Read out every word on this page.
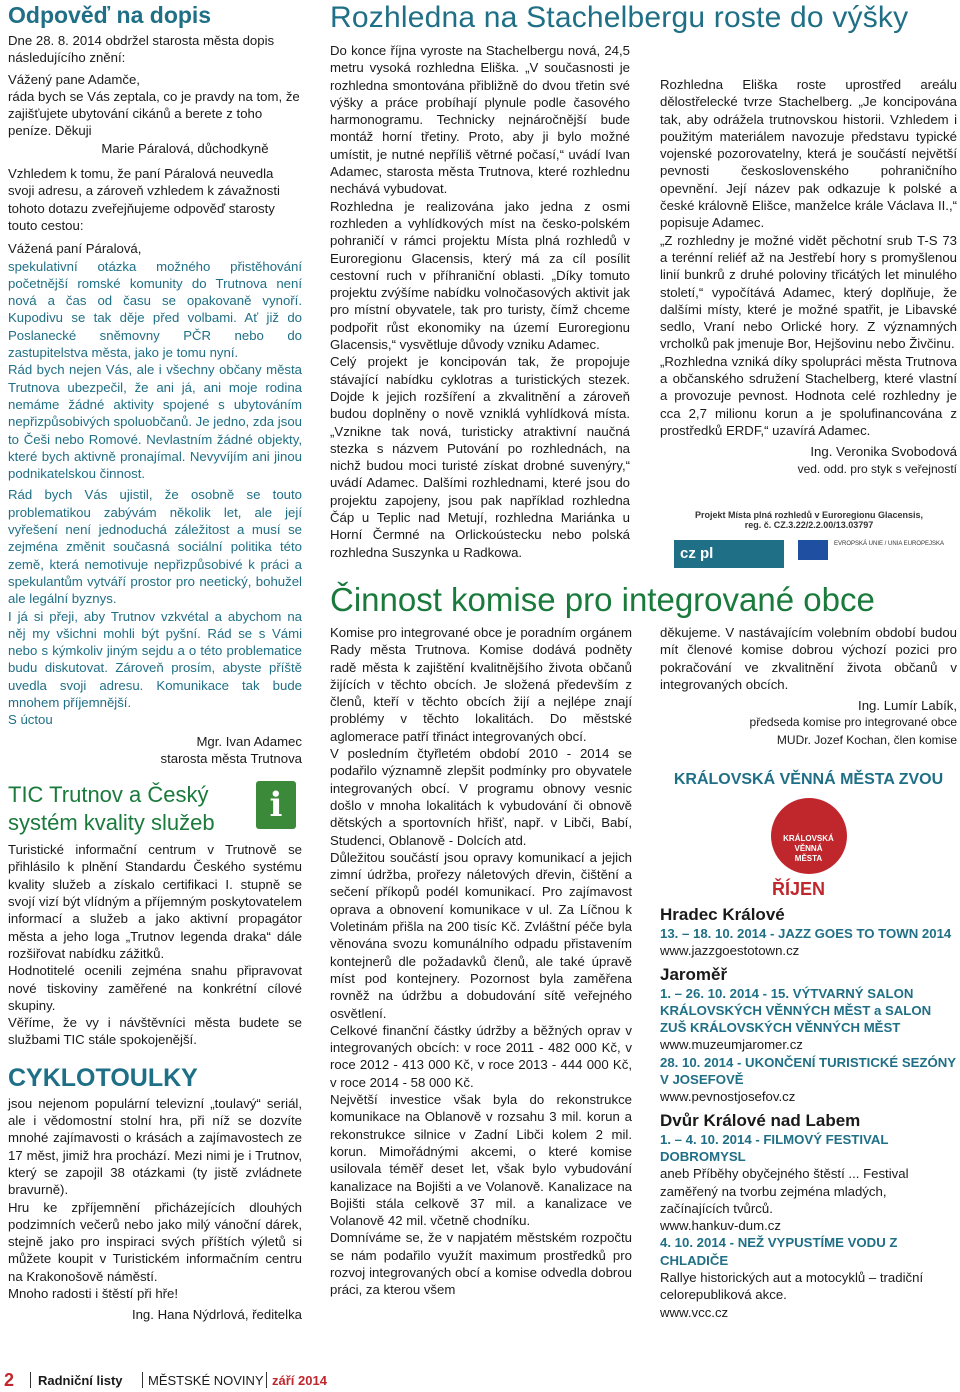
Odpověď na dopis

Dne 28. 8. 2014 obdržel starosta města dopis následujícího znění:

Vážený pane Adamče,

ráda bych se Vás zeptala, co je pravdy na tom, že zajišťujete ubytování cikánů a berete z toho peníze. Děkuji

Marie Páralová, důchodkyně

Vzhledem k tomu, že paní Páralová neuvedla svoji adresu, a zároveň vzhledem k závažnosti tohoto dotazu zveřejňujeme odpověď starosty touto cestou:

Vážená paní Páralová,

spekulativní otázka možného přistěhování početnější romské komunity do Trutnova není nová a čas od času se opakovaně vynoří. Kupodivu se tak děje před volbami. Ať již do Poslanecké sněmovny PČR nebo do zastupitelstva města, jako je tomu nyní.

Rád bych nejen Vás, ale i všechny občany města Trutnova ubezpečil, že ani já, ani moje rodina nemáme žádné aktivity spojené s ubytováním nepřizpůsobivých spoluobčanů. Je jedno, zda jsou to Češi nebo Romové. Nevlastním žádné objekty, které bych aktivně pronajímal. Nevyvíjím ani jinou podnikatelskou činnost.

Rád bych Vás ujistil, že osobně se touto problematikou zabývám několik let, ale její vyřešení není jednoduchá záležitost a musí se zejména změnit současná sociální politika této země, která nemotivuje nepřizpůsobivé k práci a spekulantům vytváří prostor pro neetický, bohužel ale legální byznys.

I já si přeji, aby Trutnov vzkvétal a abychom na něj my všichni mohli být pyšní. Rád se s Vámi nebo s kýmkoliv jiným sejdu a o této problematice budu diskutovat. Zároveň prosím, abyste příště uvedla svoji adresu. Komunikace tak bude mnohem příjemnější.

S úctou

Mgr. Ivan Adamec

starosta města Trutnova

TIC Trutnov a Český systém kvality služeb	i

Turistické informační centrum v Trutnově se přihlásilo k plnění Standardu Českého systému kvality služeb a získalo certifikaci I. stupně se svojí vizí být vlídným a příjemným poskytovatelem informací a služeb a jako aktivní propagátor města a jeho loga „Trutnov legenda draka“ dále rozšiřovat nabídku zážitků.

Hodnotitelé ocenili zejména snahu připravovat nové tiskoviny zaměřené na konkrétní cílové skupiny.

Věříme, že vy i návštěvníci města budete se službami TIC stále spokojenější.

CYKLOTOULKY

jsou nejenom populární televizní „toulavý“ seriál, ale i vědomostní stolní hra, při níž se dozvíte mnohé zajímavosti o krásách a zajímavostech ze 17 měst, jimiž hra prochází. Mezi nimi je i Trutnov, který se zapojil 38 otázkami (ty jistě zvládnete bravurně).

Hru ke zpříjemnění přicházejících dlouhých podzimních večerů nebo jako milý vánoční dárek, stejně jako pro inspiraci svých příštích výletů si můžete koupit v Turistickém informačním centru na Krakonošově náměstí.

Mnoho radosti i štěstí při hře!

Ing. Hana Nýdrlová, ředitelka

Rozhledna na Stachelbergu roste do výšky

Do konce října vyroste na Stachelbergu nová, 24,5 metru vysoká rozhledna Eliška. „V současnosti je rozhledna smontována přibližně do dvou třetin své výšky a práce probíhají plynule podle časového harmonogramu. Technicky nejnáročnější bude montáž horní třetiny. Proto, aby ji bylo možné umístit, je nutné nepříliš větrné počasí,“ uvádí Ivan Adamec, starosta města Trutnova, které rozhlednu nechává vybudovat.

Rozhledna je realizována jako jedna z osmi rozhleden a vyhlídkových míst na česko-polském pohraničí v rámci projektu Místa plná rozhledů v Euroregionu Glacensis, který má za cíl posílit cestovní ruch v příhraniční oblasti. „Díky tomuto projektu zvýšíme nabídku volnočasových aktivit jak pro místní obyvatele, tak pro turisty, čímž chceme podpořit růst ekonomiky na území Euroregionu Glacensis,“ vysvětluje důvody vzniku Adamec.

Celý projekt je koncipován tak, že propojuje stávající nabídku cyklotras a turistických stezek. Dojde k jejich rozšíření a zkvalitnění a zároveň budou doplněny o nově vzniklá vyhlídková místa. „Vznikne tak nová, turisticky atraktivní naučná stezka s názvem Putování po rozhlednách, na nichž budou moci turisté získat drobné suvenýry,“ uvádí Adamec. Dalšími rozhlednami, které jsou do projektu zapojeny, jsou pak například rozhledna Čáp u Teplic nad Metují, rozhledna Mariánka u Horní Čermné na Orlickoústecku nebo polská rozhledna Suszynka u Radkowa.

Rozhledna Eliška roste uprostřed areálu dělostřelecké tvrze Stachelberg. „Je koncipována tak, aby odrážela trutnovskou historii. Vzhledem i použitým materiálem navozuje představu typické vojenské pozorovatelny, která je součástí největší pevnosti československého pohraničního opevnění. Její název pak odkazuje k polské a české královně Elišce, manželce krále Václava II.,“ popisuje Adamec.

„Z rozhledny je možné vidět pěchotní srub T-S 73 a terénní reliéf až na Jestřebí hory s promyšlenou linií bunkrů z druhé poloviny třicátých let minulého století,“ vypočítává Adamec, který doplňuje, že dalšími místy, které je možné spatřit, je Libavské sedlo, Vraní nebo Orlické hory. Z významných vrcholků pak jmenuje Bor, Hejšovinu nebo Živčinu.

„Rozhledna vzniká díky spolupráci města Trutnova a občanského sdružení Stachelberg, které vlastní a provozuje pevnost. Hodnota celé rozhledny je cca 2,7 milionu korun a je spolufinancována z prostředků ERDF,“ uzavírá Adamec.

Ing. Veronika Svobodová

ved. odd. pro styk s veřejností

Projekt Místa plná rozhledů v Euroregionu Glacensis,
reg. č. CZ.3.22/2.2.00/13.03797
cz pl
EVROPSKÁ UNIE / UNIA EUROPEJSKA
Činnost komise pro integrované obce

Komise pro integrované obce je poradním orgánem Rady města Trutnova. Komise dodává podněty radě města k zajištění kvalitnějšího života občanů žijících v těchto obcích. Je složená především z členů, kteří v těchto obcích žijí a nejlépe znají problémy v těchto lokalitách. Do městské aglomerace patří třináct integrovaných obcí.

V posledním čtyřletém období 2010 - 2014 se podařilo významně zlepšit podmínky pro obyvatele integrovaných obcí. V programu obnovy vesnic došlo v mnoha lokalitách k vybudování či obnově dětských a sportovních hřišť, např. v Libči, Babí, Studenci, Oblanově - Dolcích atd.

Důležitou součástí jsou opravy komunikací a jejich zimní údržba, prořezy náletových dřevin, čištění a sečení příkopů podél komunikací. Pro zajímavost oprava a obnovení komunikace v ul. Za Líčnou k Voletinám přišla na 200 tisíc Kč. Zvláštní péče byla věnována svozu komunálního odpadu přistavením kontejnerů dle požadavků členů, ale také úpravě míst pod kontejnery. Pozornost byla zaměřena rovněž na údržbu a dobudování sítě veřejného osvětlení.

Celkové finanční částky údržby a běžných oprav v integrovaných obcích: v roce 2011 - 482 000 Kč, v roce 2012 - 413 000 Kč, v roce 2013 - 444 000 Kč, v roce 2014 - 58 000 Kč.

Největší investice však byla do rekonstrukce komunikace na Oblanově v rozsahu 3 mil. korun a rekonstrukce silnice v Zadní Libči kolem 2 mil. korun. Mimořádnými akcemi, o které komise usilovala téměř deset let, však bylo vybudování kanalizace na Bojišti a ve Volanově. Kanalizace na Bojišti stála celkově 37 mil. a kanalizace ve Volanově 42 mil. včetně chodníku.

Domníváme se, že v napjatém městském rozpočtu se nám podařilo využít maximum prostředků pro rozvoj integrovaných obcí a komise odvedla dobrou práci, za kterou všem

děkujeme. V nastávajícím volebním období budou mít členové komise dobrou výchozí pozici pro pokračování ve zkvalitnění života občanů v integrovaných obcích.

Ing. Lumír Labík,

předseda komise pro integrované obce

MUDr. Jozef Kochan, člen komise

KRÁLOVSKÁ VĚNNÁ MĚSTA ZVOU
KRÁLOVSKÁ VĚNNÁ MĚSTA

ŘÍJEN

Hradec Králové

13. – 18. 10. 2014 - JAZZ GOES TO TOWN 2014

www.jazzgoestotown.cz

Jaroměř

1. – 26. 10. 2014 - 15. VÝTVARNÝ SALON KRÁLOVSKÝCH VĚNNÝCH MĚST a SALON ZUŠ KRÁLOVSKÝCH VĚNNÝCH MĚST

www.muzeumjaromer.cz

28. 10. 2014 - UKONČENÍ TURISTICKÉ SEZÓNY V JOSEFOVĚ

www.pevnostjosefov.cz

Dvůr Králové nad Labem

1. – 4. 10. 2014 - FILMOVÝ FESTIVAL DOBROMYSL

aneb Příběhy obyčejného štěstí ... Festival zaměřený na tvorbu zejména mladých, začínajících tvůrců.

www.hankuv-dum.cz

4. 10. 2014 - NEŽ VYPUSTÍME VODU Z CHLADIČE

Rallye historických aut a motocyklů – tradiční celorepubliková akce.

www.vcc.cz

2 Radniční listy MĚSTSKÉ NOVINY září 2014
